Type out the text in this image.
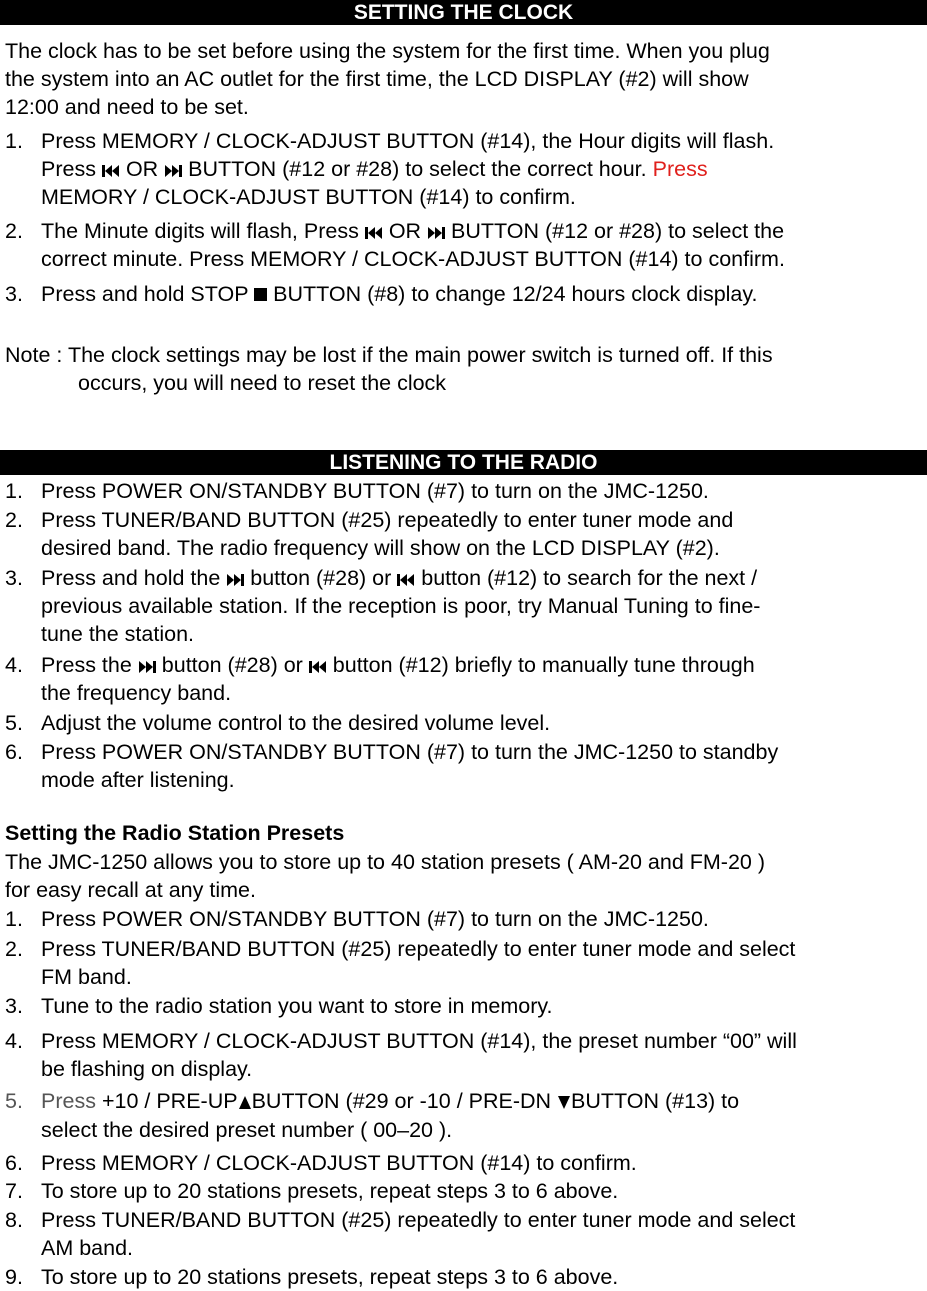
SETTING THE CLOCK
The clock has to be set before using the system for the first time. When you plug
the system into an AC outlet for the first time, the LCD DISPLAY (#2) will show
12:00 and need to be set.
1. Press MEMORY / CLOCK-ADJUST BUTTON (#14), the Hour digits will flash.
Press OR BUTTON (#12 or #28) to select the correct hour. Press
MEMORY / CLOCK-ADJUST BUTTON (#14) to confirm.
2. The Minute digits will flash, Press OR BUTTON (#12 or #28) to select the
correct minute. Press MEMORY / CLOCK-ADJUST BUTTON (#14) to confirm.
3. Press and hold STOP BUTTON (#8) to change 12/24 hours clock display.
Note : The clock settings may be lost if the main power switch is turned off. If this
occurs, you will need to reset the clock
LISTENING TO THE RADIO
1. Press POWER ON/STANDBY BUTTON (#7) to turn on the JMC-1250.
2. Press TUNER/BAND BUTTON (#25) repeatedly to enter tuner mode and
desired band. The radio frequency will show on the LCD DISPLAY (#2).
3. Press and hold the button (#28) or button (#12) to search for the next /
previous available station. If the reception is poor, try Manual Tuning to fine-
tune the station.
4. Press the button (#28) or button (#12) briefly to manually tune through
the frequency band.
5. Adjust the volume control to the desired volume level.
6. Press POWER ON/STANDBY BUTTON (#7) to turn the JMC-1250 to standby
mode after listening.
Setting the Radio Station Presets
The JMC-1250 allows you to store up to 40 station presets ( AM-20 and FM-20 )
for easy recall at any time.
1. Press POWER ON/STANDBY BUTTON (#7) to turn on the JMC-1250.
2. Press TUNER/BAND BUTTON (#25) repeatedly to enter tuner mode and select
FM band.
3. Tune to the radio station you want to store in memory.
4. Press MEMORY / CLOCK-ADJUST BUTTON (#14), the preset number “00” will
be flashing on display.
5. Press +10 / PRE-UP BUTTON (#29 or -10 / PRE-DN BUTTON (#13) to
select the desired preset number ( 00–20 ).
6. Press MEMORY / CLOCK-ADJUST BUTTON (#14) to confirm.
7. To store up to 20 stations presets, repeat steps 3 to 6 above.
8. Press TUNER/BAND BUTTON (#25) repeatedly to enter tuner mode and select
AM band.
9. To store up to 20 stations presets, repeat steps 3 to 6 above.
